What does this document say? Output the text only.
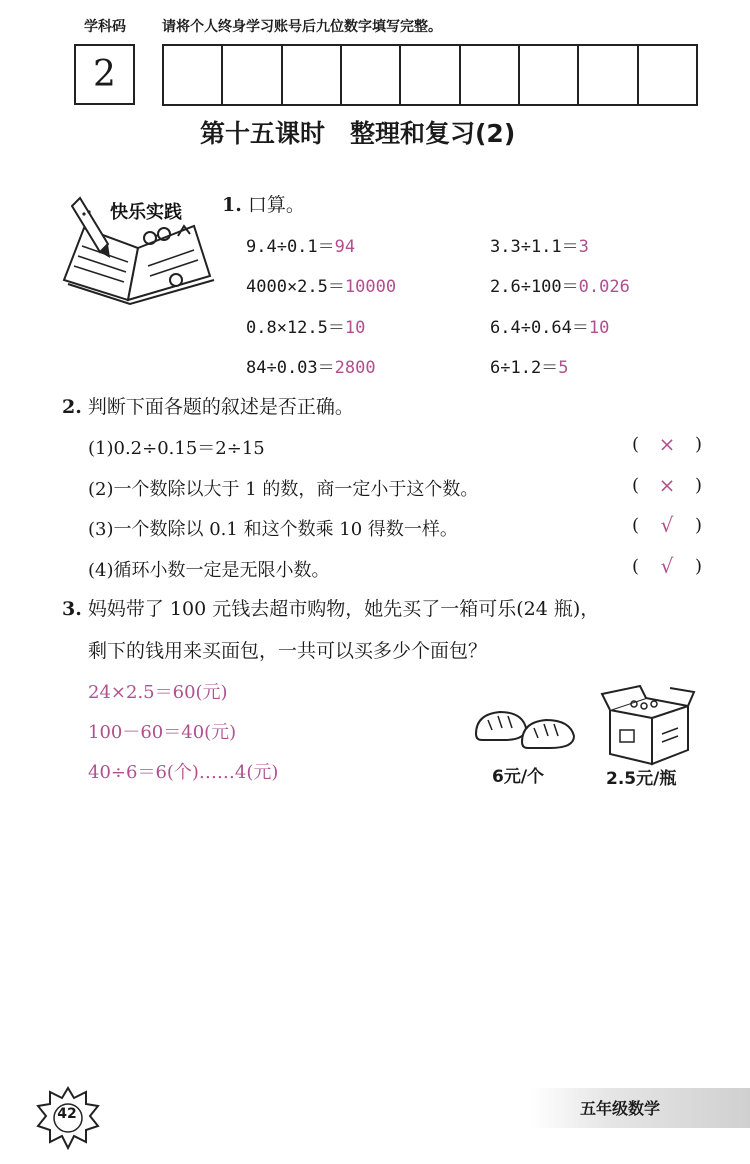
学科码	请将个人终身学习账号后九位数字填写完整。
2
第十五课时　整理和复习(2)
快乐实践 1. 口算。
9.4÷0.1＝94	3.3÷1.1＝3
4000×2.5＝10000	2.6÷100＝0.026
0.8×12.5＝10	6.4÷0.64＝10
84÷0.03＝2800	6÷1.2＝5
2. 判断下面各题的叙述是否正确。
(1)0.2÷0.15＝2÷15	( × )
(2)一个数除以大于 1 的数，商一定小于这个数。	( × )
(3)一个数除以 0.1 和这个数乘 10 得数一样。	( √ )
(4)循环小数一定是无限小数。	( √ )
3. 妈妈带了 100 元钱去超市购物，她先买了一箱可乐(24 瓶)，
剩下的钱用来买面包，一共可以买多少个面包？
24×2.5＝60(元)
100－60＝40(元)
40÷6＝6(个)……4(元)	6元/个	2.5元/瓶
42	五年级数学
